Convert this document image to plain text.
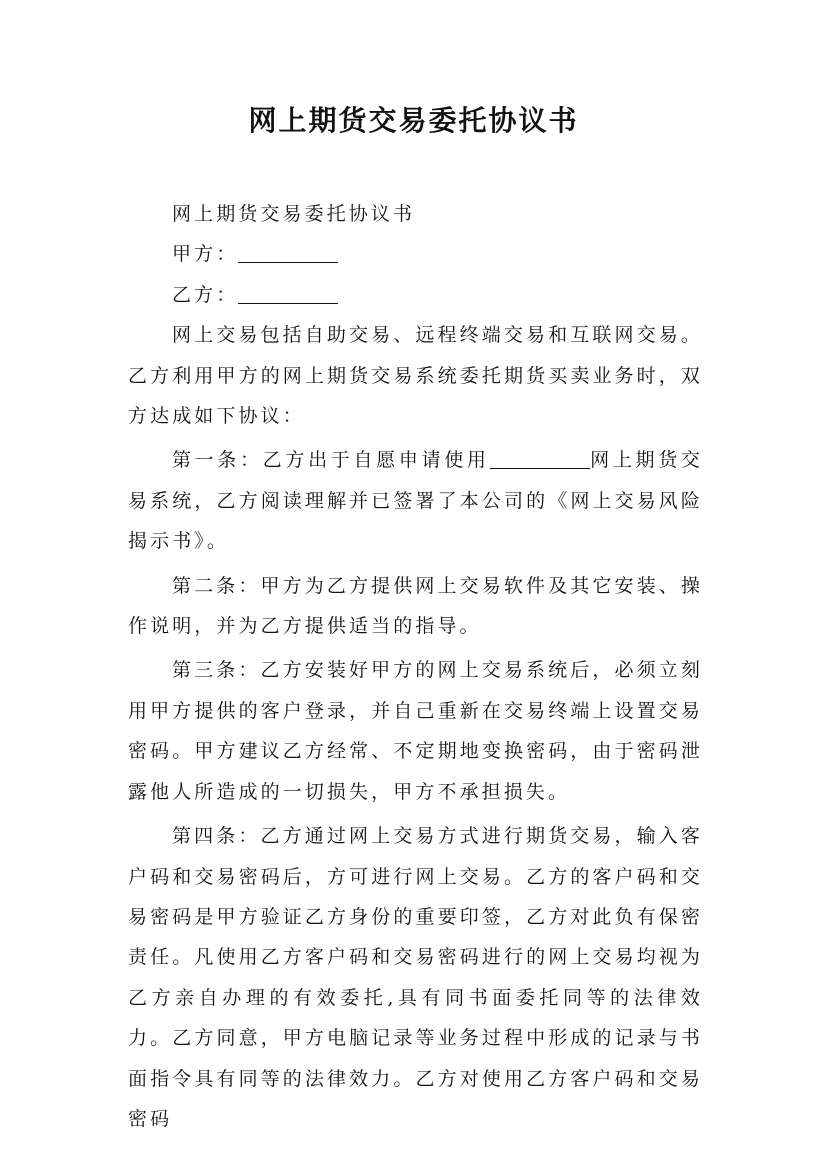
网上期货交易委托协议书

网上期货交易委托协议书

甲方：

乙方：

网上交易包括自助交易、远程终端交易和互联网交易。乙方利用甲方的网上期货交易系统委托期货买卖业务时，双方达成如下协议：

第一条：乙方出于自愿申请使用	网上期货交易系统，乙方阅读理解并已签署了本公司的《网上交易风险揭示书》。

第二条：甲方为乙方提供网上交易软件及其它安装、操作说明，并为乙方提供适当的指导。

第三条：乙方安装好甲方的网上交易系统后，必须立刻用甲方提供的客户登录，并自己重新在交易终端上设置交易密码。甲方建议乙方经常、不定期地变换密码，由于密码泄露他人所造成的一切损失，甲方不承担损失。

第四条：乙方通过网上交易方式进行期货交易，输入客户码和交易密码后，方可进行网上交易。乙方的客户码和交易密码是甲方验证乙方身份的重要印签，乙方对此负有保密责任。凡使用乙方客户码和交易密码进行的网上交易均视为乙方亲自办理的有效委托,具有同书面委托同等的法律效力。乙方同意，甲方电脑记录等业务过程中形成的记录与书面指令具有同等的法律效力。乙方对使用乙方客户码和交易密码
